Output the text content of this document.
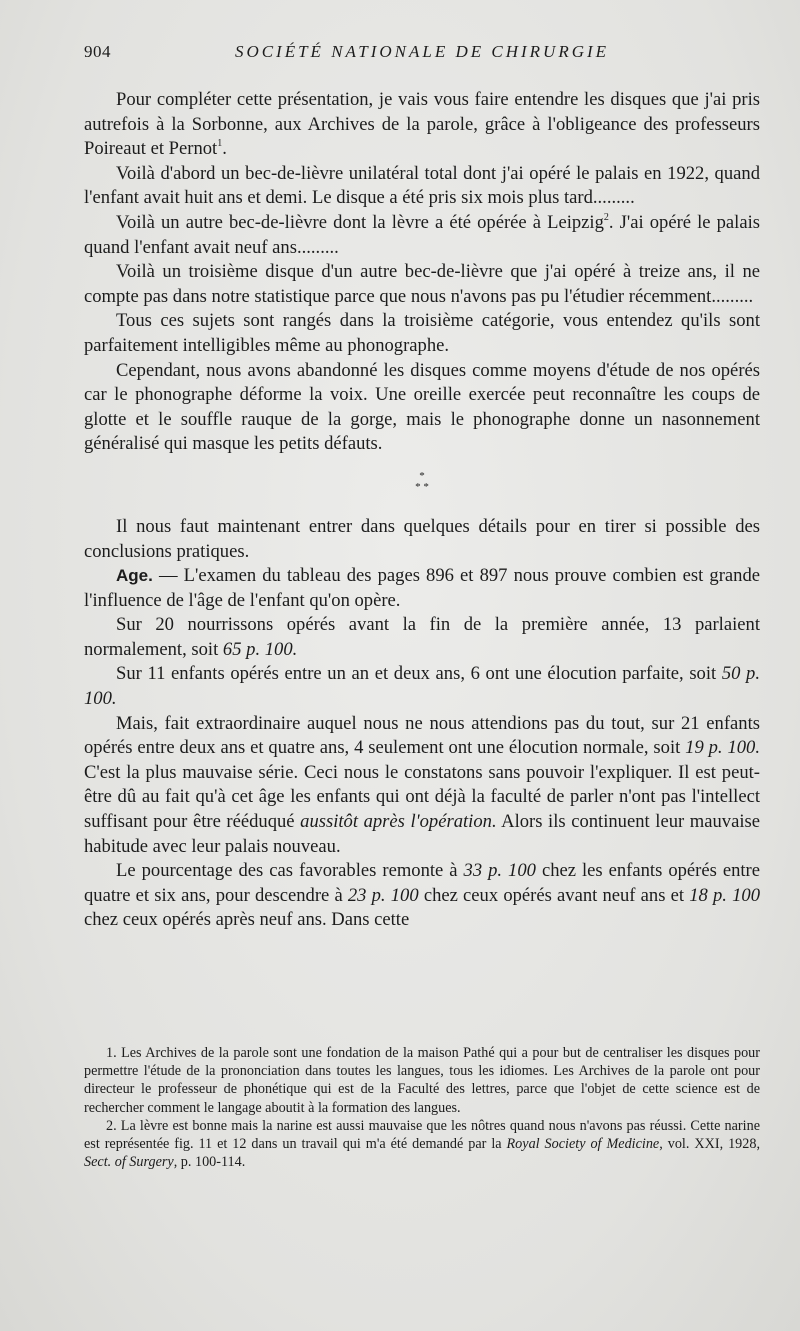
904	SOCIÉTÉ NATIONALE DE CHIRURGIE

Pour compléter cette présentation, je vais vous faire entendre les disques que j'ai pris autrefois à la Sorbonne, aux Archives de la parole, grâce à l'obligeance des professeurs Poireaut et Pernot$^1$.

Voilà d'abord un bec-de-lièvre unilatéral total dont j'ai opéré le palais en 1922, quand l'enfant avait huit ans et demi. Le disque a été pris six mois plus tard.........

Voilà un autre bec-de-lièvre dont la lèvre a été opérée à Leipzig$^2$. J'ai opéré le palais quand l'enfant avait neuf ans.........

Voilà un troisième disque d'un autre bec-de-lièvre que j'ai opéré à treize ans, il ne compte pas dans notre statistique parce que nous n'avons pas pu l'étudier récemment.........

Tous ces sujets sont rangés dans la troisième catégorie, vous entendez qu'ils sont parfaitement intelligibles même au phonographe.

Cependant, nous avons abandonné les disques comme moyens d'étude de nos opérés car le phonographe déforme la voix. Une oreille exercée peut reconnaître les coups de glotte et le souffle rauque de la gorge, mais le phonographe donne un nasonnement généralisé qui masque les petits défauts.

*
* *

Il nous faut maintenant entrer dans quelques détails pour en tirer si possible des conclusions pratiques.

Age. — L'examen du tableau des pages 896 et 897 nous prouve combien est grande l'influence de l'âge de l'enfant qu'on opère.

Sur 20 nourrissons opérés avant la fin de la première année, 13 parlaient normalement, soit 65 p. 100.

Sur 11 enfants opérés entre un an et deux ans, 6 ont une élocution parfaite, soit 50 p. 100.

Mais, fait extraordinaire auquel nous ne nous attendions pas du tout, sur 21 enfants opérés entre deux ans et quatre ans, 4 seulement ont une élocution normale, soit 19 p. 100. C'est la plus mauvaise série. Ceci nous le constatons sans pouvoir l'expliquer. Il est peut-être dû au fait qu'à cet âge les enfants qui ont déjà la faculté de parler n'ont pas l'intellect suffisant pour être rééduqué aussitôt après l'opération. Alors ils continuent leur mauvaise habitude avec leur palais nouveau.

Le pourcentage des cas favorables remonte à 33 p. 100 chez les enfants opérés entre quatre et six ans, pour descendre à 23 p. 100 chez ceux opérés avant neuf ans et 18 p. 100 chez ceux opérés après neuf ans. Dans cette

1. Les Archives de la parole sont une fondation de la maison Pathé qui a pour but de centraliser les disques pour permettre l'étude de la prononciation dans toutes les langues, tous les idiomes. Les Archives de la parole ont pour directeur le professeur de phonétique qui est de la Faculté des lettres, parce que l'objet de cette science est de rechercher comment le langage aboutit à la formation des langues.

2. La lèvre est bonne mais la narine est aussi mauvaise que les nôtres quand nous n'avons pas réussi. Cette narine est représentée fig. 11 et 12 dans un travail qui m'a été demandé par la Royal Society of Medicine, vol. XXI, 1928, Sect. of Surgery, p. 100-114.
